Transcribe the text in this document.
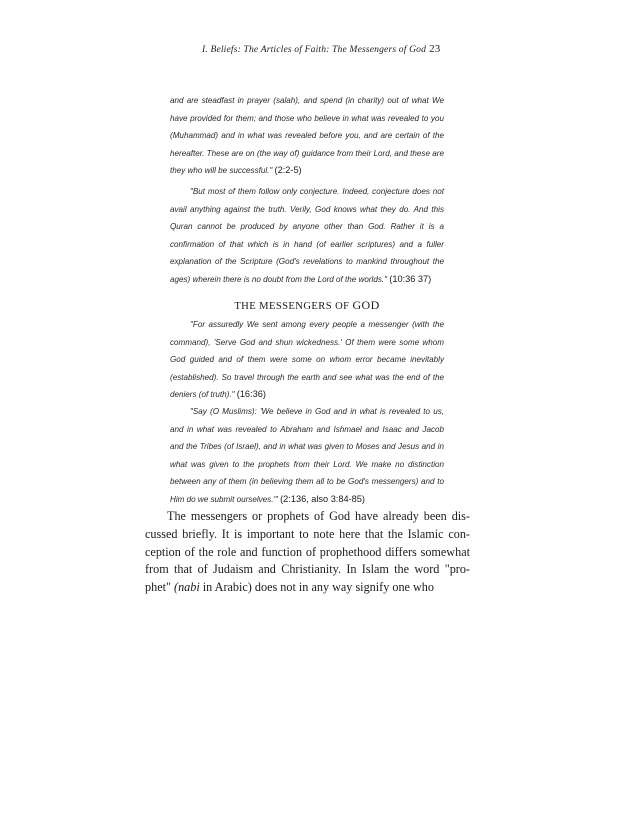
I. Beliefs: The Articles of Faith: The Messengers of God 23
and are steadfast in prayer (salah), and spend (in charity) out of what We have provided for them; and those who believe in what was revealed to you (Muhammad) and in what was revealed before you, and are certain of the hereafter. These are on (the way of) guidance from their Lord, and these are they who will be successful." (2:2-5)
"But most of them follow only conjecture. Indeed, conjecture does not avail anything against the truth. Verily, God knows what they do. And this Quran cannot be produced by anyone other than God. Rather it is a confirmation of that which is in hand (of earlier scriptures) and a fuller explanation of the Scripture (God's revelations to mankind throughout the ages) wherein there is no doubt from the Lord of the worlds." (10:36 37)
THE MESSENGERS OF GOD
"For assuredly We sent among every people a messenger (with the command), 'Serve God and shun wickedness.' Of them were some whom God guided and of them were some on whom error became inevitably (established). So travel through the earth and see what was the end of the deniers (of truth)." (16:36)
"Say (O Muslims): 'We believe in God and in what is revealed to us, and in what was revealed to Abraham and Ishmael and Isaac and Jacob and the Tribes (of Israel), and in what was given to Moses and Jesus and in what was given to the prophets from their Lord. We make no distinction between any of them (in believing them all to be God's messengers) and to Him do we submit ourselves.'" (2:136, also 3:84-85)
The messengers or prophets of God have already been dis-
cussed briefly. It is important to note here that the Islamic con-
ception of the role and function of prophethood differs somewhat
from that of Judaism and Christianity. In Islam the word "pro-
phet" (nabi in Arabic) does not in any way signify one who
